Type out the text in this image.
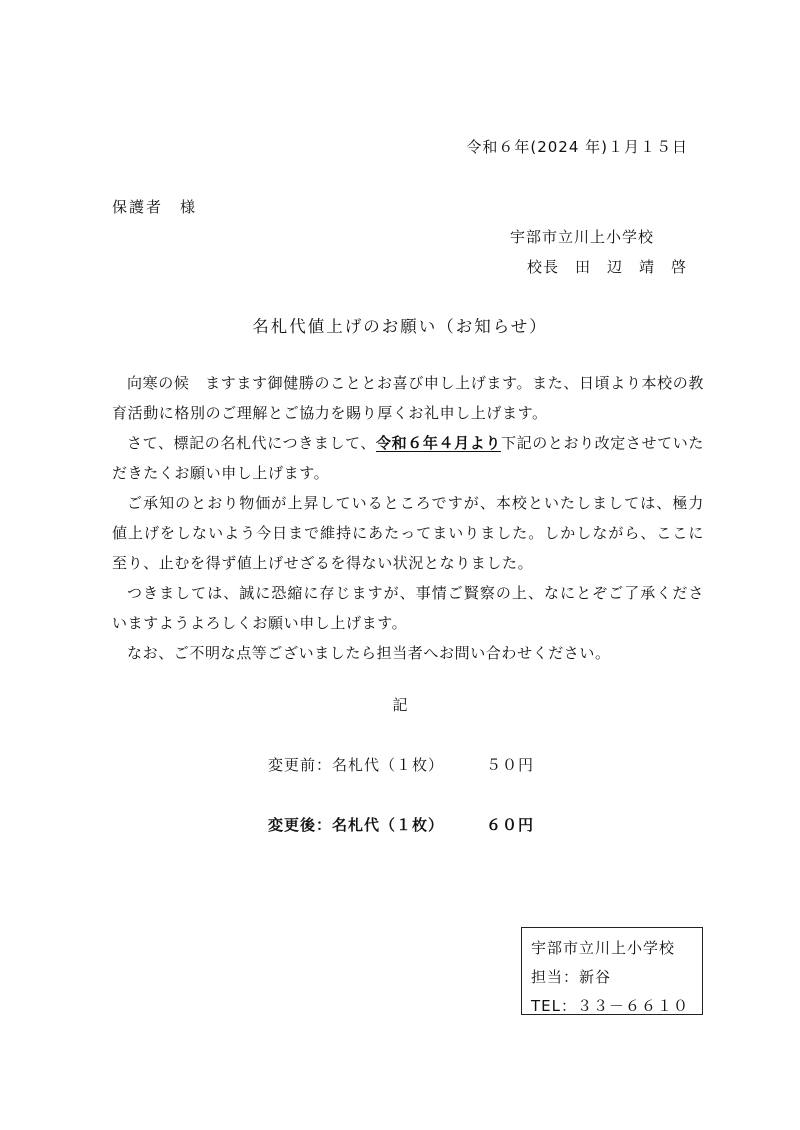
令和６年(2024 年)１月１５日
保護者　様
宇部市立川上小学校
校長　田　辺　靖　啓
名札代値上げのお願い（お知らせ）

向寒の候　ますます御健勝のこととお喜び申し上げます。また、日頃より本校の教育活動に格別のご理解とご協力を賜り厚くお礼申し上げます。

さて、標記の名札代につきまして、令和６年４月より下記のとおり改定させていただきたくお願い申し上げます。

ご承知のとおり物価が上昇しているところですが、本校といたしましては、極力値上げをしないよう今日まで維持にあたってまいりました。しかしながら、ここに至り、止むを得ず値上げせざるを得ない状況となりました。

つきましては、誠に恐縮に存じますが、事情ご賢察の上、なにとぞご了承くださいますようよろしくお願い申し上げます。

なお、ご不明な点等ございましたら担当者へお問い合わせください。

記
変更前：名札代（１枚）	５０円
変更後：名札代（１枚）	６０円
宇部市立川上小学校
担当：新谷
TEL：３３－６６１０
